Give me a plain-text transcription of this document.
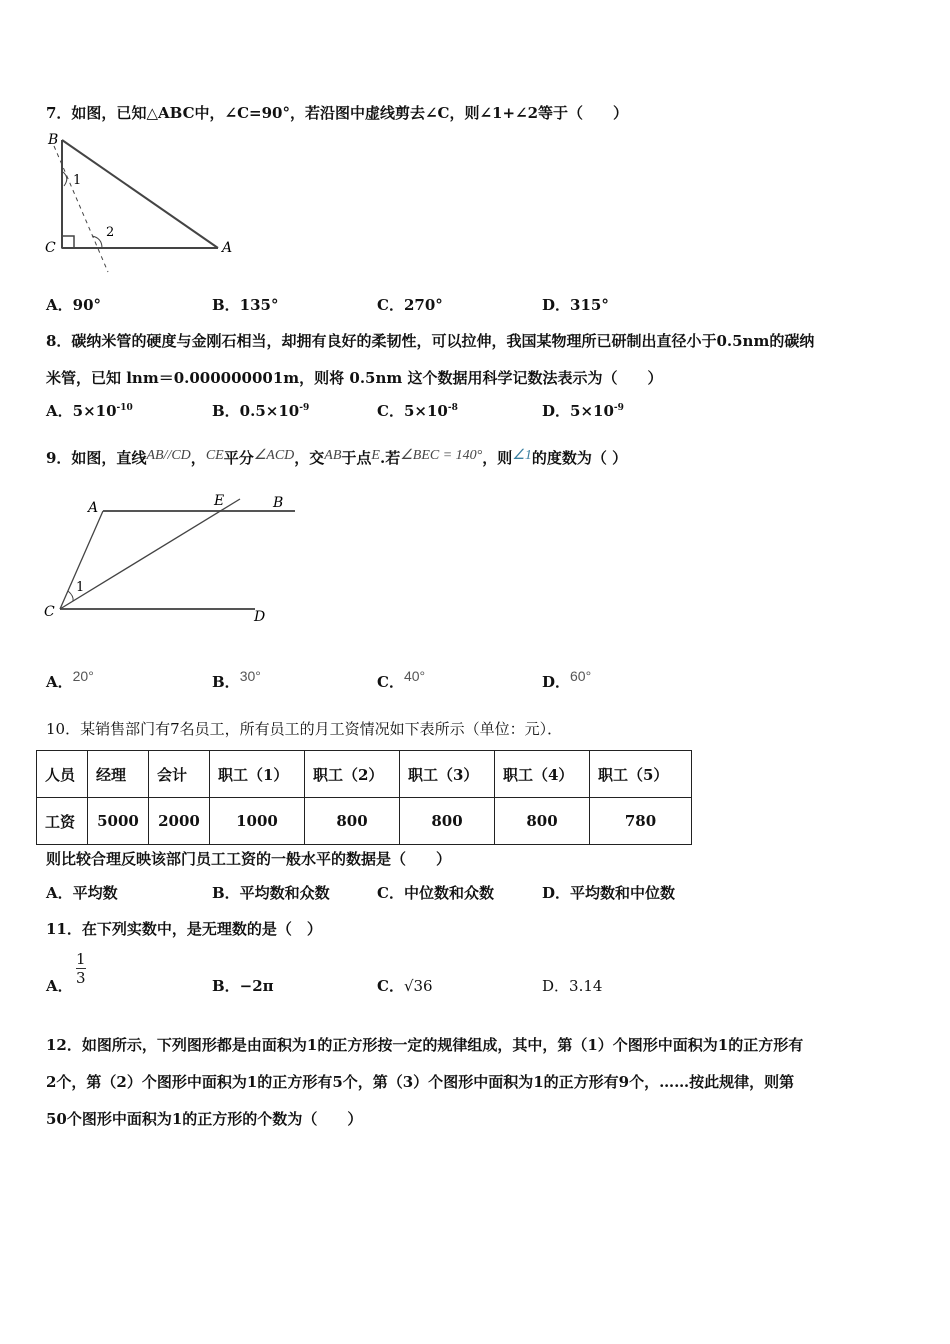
7．如图，已知△ABC中，∠C=90°，若沿图中虚线剪去∠C，则∠1+∠2等于（　　）
B
1
2
C	A
A．90°	B．135°	C．270°	D．315°
8．碳纳米管的硬度与金刚石相当，却拥有良好的柔韧性，可以拉伸，我国某物理所已研制出直径小于0.5nm的碳纳
米管，已知 lnm＝0.000000001m，则将 0.5nm 这个数据用科学记数法表示为（　　）
A．$5\times 10^{-10}$	B．$0.5\times 10^{-9}$	C．$5\times 10^{-8}$	D．$5\times 10^{-9}$
9．如图，直线AB//CD，CE平分∠ACD，交AB于点E.若∠BEC = 140°，则∠1的度数为（ ）
A	E	B
1
C	D
A．20°	B．30°	C．40°	D．60°
10．某销售部门有7名员工，所有员工的月工资情况如下表所示（单位：元）．
人员	经理	会计	职工（1）	职工（2）	职工（3）	职工（4）	职工（5）
工资	5000	2000	1000	800	800	800	780
则比较合理反映该部门员工工资的一般水平的数据是（　　）
A．平均数	B．平均数和众数	C．中位数和众数	D．平均数和中位数
11．在下列实数中，是无理数的是（　）
A． $\frac{1}{3}$	B．−2π	C．√36	D．3.14
12．如图所示，下列图形都是由面积为1的正方形按一定的规律组成，其中，第（1）个图形中面积为1的正方形有
2个，第（2）个图形中面积为1的正方形有5个，第（3）个图形中面积为1的正方形有9个，……按此规律，则第
50个图形中面积为1的正方形的个数为（　　）
